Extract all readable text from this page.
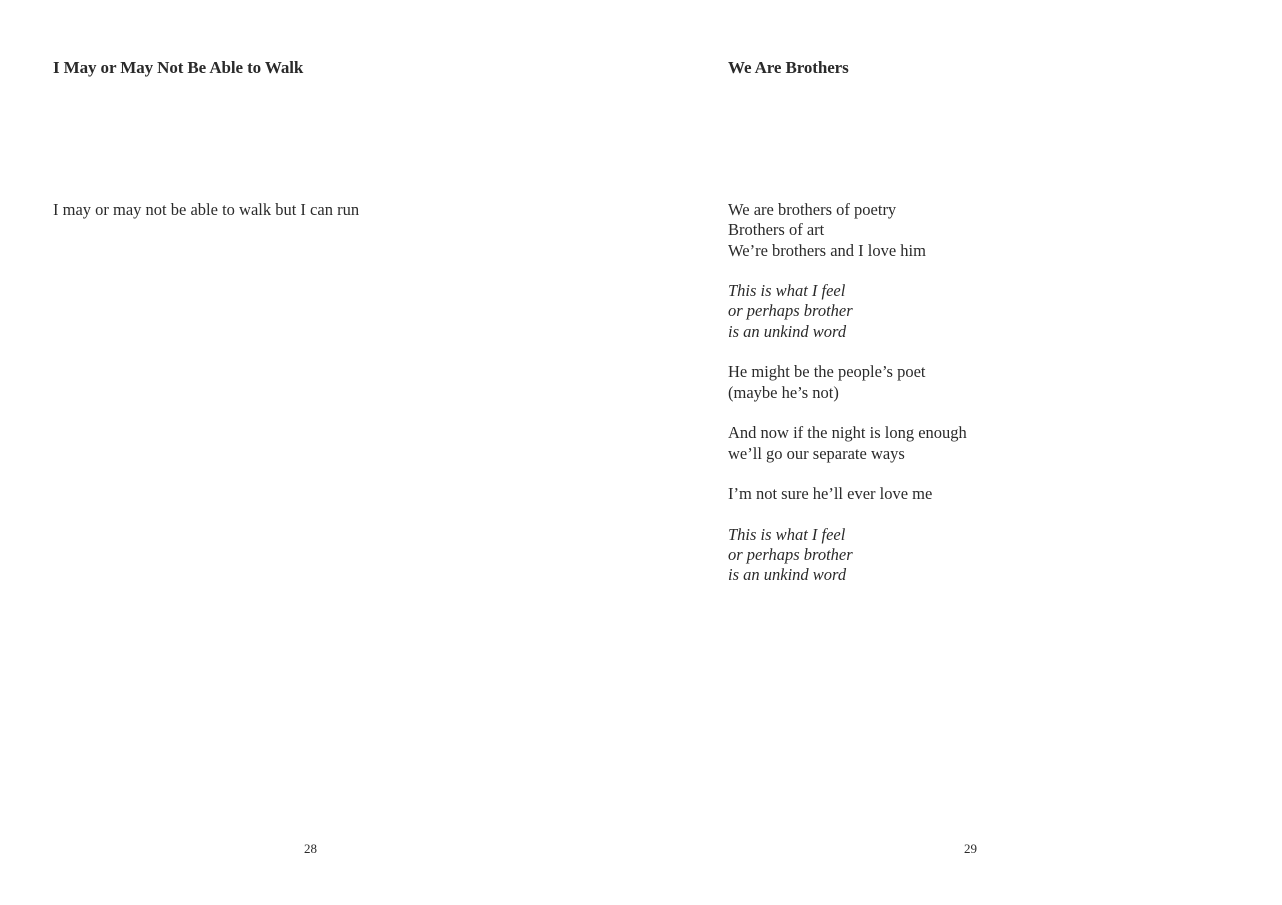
I May or May Not Be Able to Walk
I may or may not be able to walk but I can run
28
We Are Brothers
We are brothers of poetry
Brothers of art
We’re brothers and I love him
This is what I feel
or perhaps brother
is an unkind word
He might be the people’s poet
(maybe he’s not)
And now if the night is long enough
we’ll go our separate ways
I’m not sure he’ll ever love me
This is what I feel
or perhaps brother
is an unkind word
29
